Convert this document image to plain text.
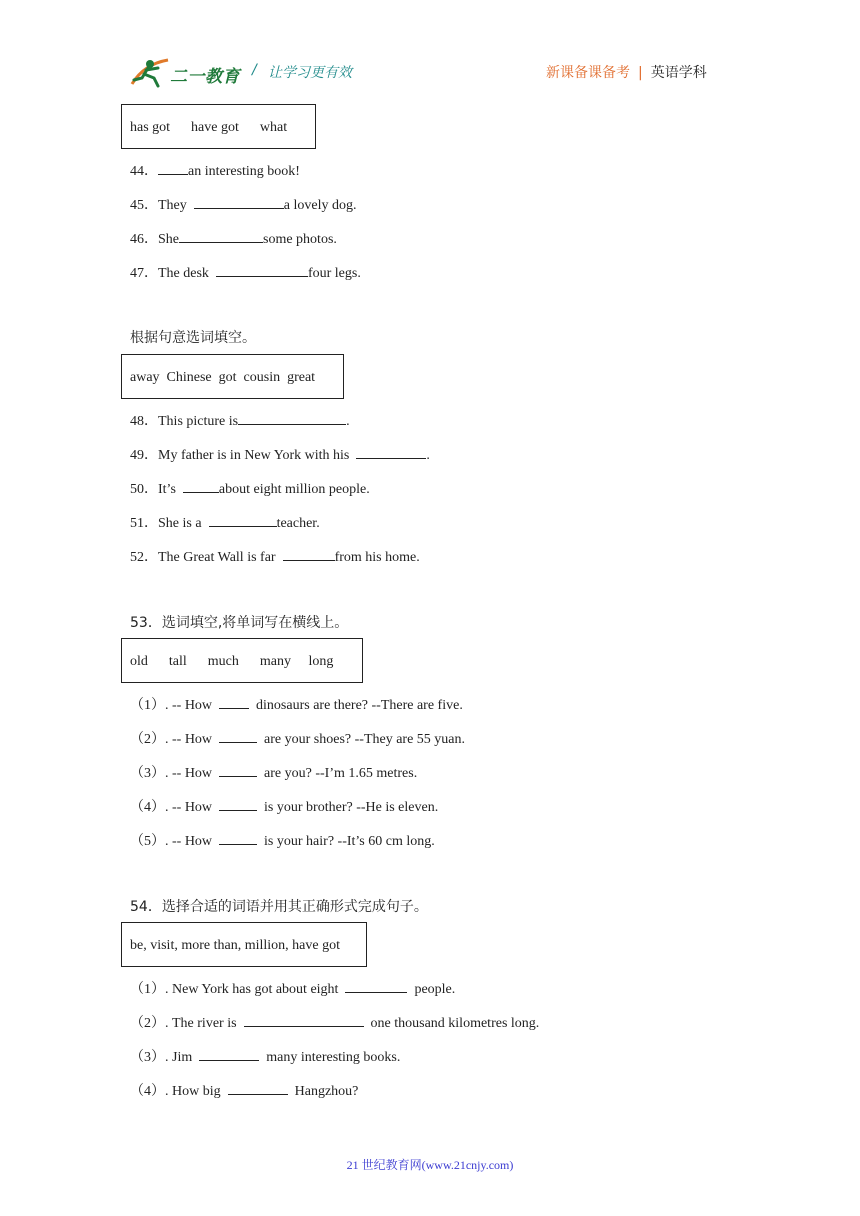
二一教育 / 让学习更有效	新课备课备考 | 英语学科
has got      have got      what
44． an interesting book!
45．They	a lovely dog.
46．She	some photos.
47．The desk	four legs.
根据句意选词填空。
away  Chinese  got  cousin  great
48．This picture is	.
49．My father is in New York with his	.
50．It’s	about eight million people.
51．She is a	teacher.
52．The Great Wall is far	from his home.
53．选词填空,将单词写在横线上。
old      tall      much      many     long
（1）. -- How    dinosaurs are there? --There are five.
（2）. -- How	are your shoes? --They are 55 yuan.
（3）. -- How	are you? --I’m 1.65 metres.
（4）. -- How	is your brother? --He is eleven.
（5）. -- How	is your hair? --It’s 60 cm long.
54．选择合适的词语并用其正确形式完成句子。
be, visit, more than, million, have got
（1）. New York has got about eight	people.
（2）. The river is	one thousand kilometres long.
（3）. Jim	many interesting books.
（4）. How big	Hangzhou?
21 世纪教育网(www.21cnjy.com)
